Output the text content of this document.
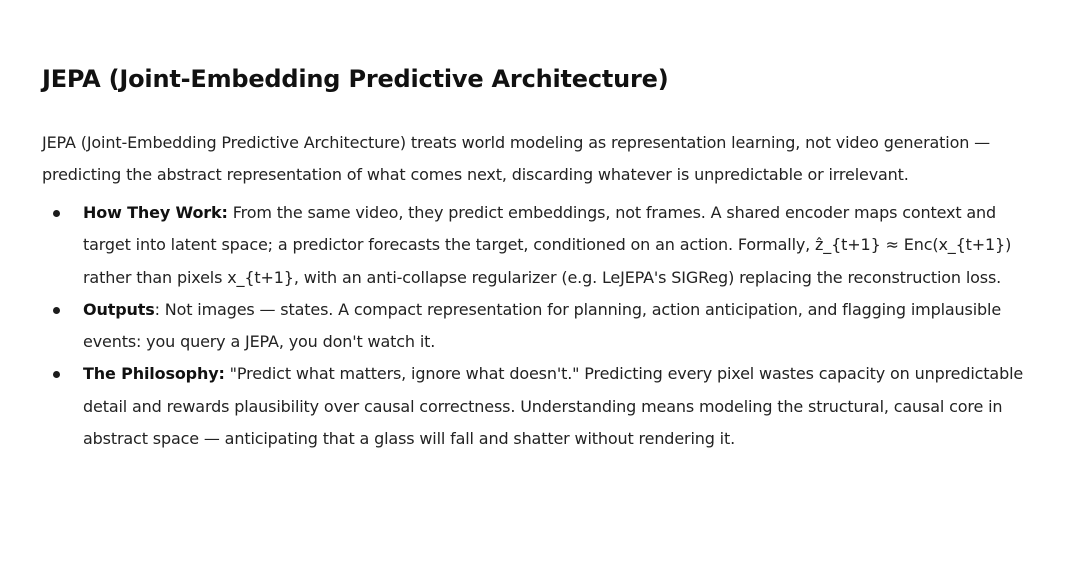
JEPA (Joint-Embedding Predictive Architecture)

JEPA (Joint-Embedding Predictive Architecture) treats world modeling as representation learning, not video generation — predicting the abstract representation of what comes next, discarding whatever is unpredictable or irrelevant.

How They Work: From the same video, they predict embeddings, not frames. A shared encoder maps context and target into latent space; a predictor forecasts the target, conditioned on an action. Formally, ẑ_{t+1} ≈ Enc(x_{t+1}) rather than pixels x_{t+1}, with an anti-collapse regularizer (e.g. LeJEPA's SIGReg) replacing the reconstruction loss.
Outputs: Not images — states. A compact representation for planning, action anticipation, and flagging implausible events: you query a JEPA, you don't watch it.
The Philosophy: "Predict what matters, ignore what doesn't." Predicting every pixel wastes capacity on unpredictable detail and rewards plausibility over causal correctness. Understanding means modeling the structural, causal core in abstract space — anticipating that a glass will fall and shatter without rendering it.
